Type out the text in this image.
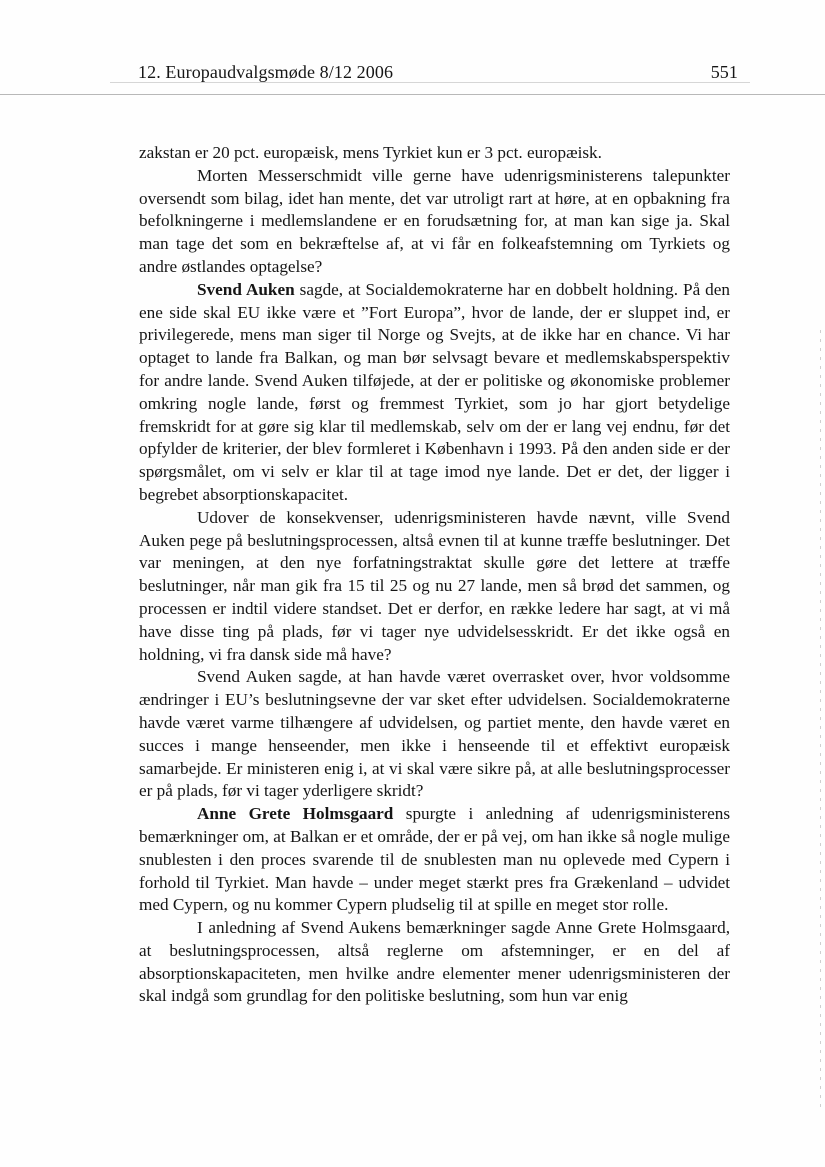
12. Europaudvalgsmøde 8/12 2006	551

zakstan er 20 pct. europæisk, mens Tyrkiet kun er 3 pct. europæisk.

Morten Messerschmidt ville gerne have udenrigsministerens talepunkter oversendt som bilag, idet han mente, det var utroligt rart at høre, at en opbakning fra befolkningerne i medlemslandene er en forudsætning for, at man kan sige ja. Skal man tage det som en bekræftelse af, at vi får en folkeafstemning om Tyrkiets og andre østlandes optagelse?

Svend Auken sagde, at Socialdemokraterne har en dobbelt holdning. På den ene side skal EU ikke være et ”Fort Europa”, hvor de lande, der er sluppet ind, er privilegerede, mens man siger til Norge og Svejts, at de ikke har en chance. Vi har optaget to lande fra Balkan, og man bør selvsagt bevare et medlemskabsperspektiv for andre lande. Svend Auken tilføjede, at der er politiske og økonomiske problemer omkring nogle lande, først og fremmest Tyrkiet, som jo har gjort betydelige fremskridt for at gøre sig klar til medlemskab, selv om der er lang vej endnu, før det opfylder de kriterier, der blev formleret i København i 1993. På den anden side er der spørgsmålet, om vi selv er klar til at tage imod nye lande. Det er det, der ligger i begrebet absorptionskapacitet.

Udover de konsekvenser, udenrigsministeren havde nævnt, ville Svend Auken pege på beslutningsprocessen, altså evnen til at kunne træffe beslutninger. Det var meningen, at den nye forfatningstraktat skulle gøre det lettere at træffe beslutninger, når man gik fra 15 til 25 og nu 27 lande, men så brød det sammen, og processen er indtil videre standset. Det er derfor, en række ledere har sagt, at vi må have disse ting på plads, før vi tager nye udvidelsesskridt. Er det ikke også en holdning, vi fra dansk side må have?

Svend Auken sagde, at han havde været overrasket over, hvor voldsomme ændringer i EU’s beslutningsevne der var sket efter udvidelsen. Socialdemokraterne havde været varme tilhængere af udvidelsen, og partiet mente, den havde været en succes i mange henseender, men ikke i henseende til et effektivt europæisk samarbejde. Er ministeren enig i, at vi skal være sikre på, at alle beslutningsprocesser er på plads, før vi tager yderligere skridt?

Anne Grete Holmsgaard spurgte i anledning af udenrigsministerens bemærkninger om, at Balkan er et område, der er på vej, om han ikke så nogle mulige snublesten i den proces svarende til de snublesten man nu oplevede med Cypern i forhold til Tyrkiet. Man havde – under meget stærkt pres fra Grækenland – udvidet med Cypern, og nu kommer Cypern pludselig til at spille en meget stor rolle.

I anledning af Svend Aukens bemærkninger sagde Anne Grete Holmsgaard, at beslutningsprocessen, altså reglerne om afstemninger, er en del af absorptionskapaciteten, men hvilke andre elementer mener udenrigsministeren der skal indgå som grundlag for den politiske beslutning, som hun var enig
